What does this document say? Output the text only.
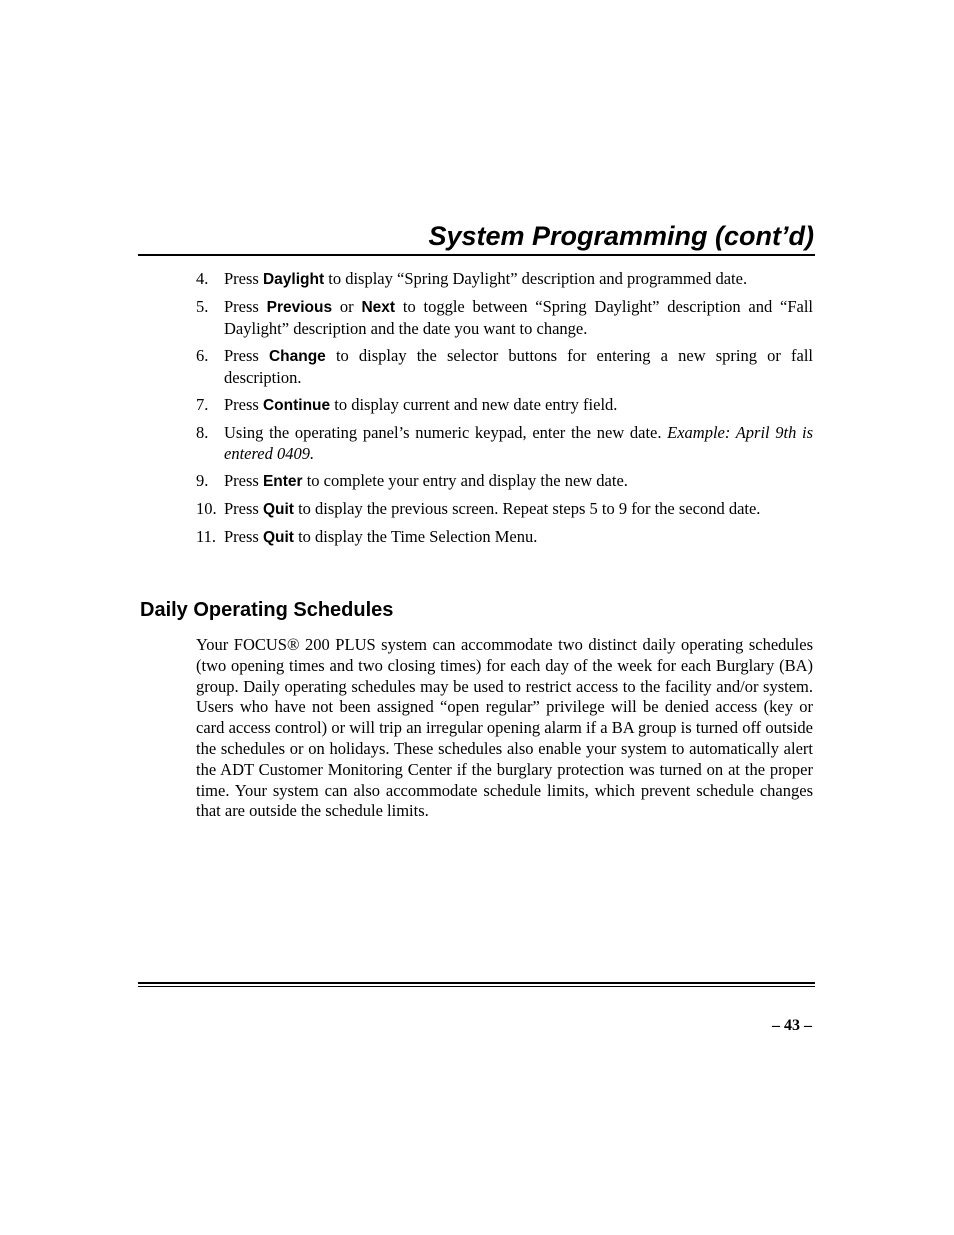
System Programming (cont’d)
4. Press Daylight to display “Spring Daylight” description and programmed date.
5. Press Previous or Next to toggle between “Spring Daylight” description and “Fall Daylight” description and the date you want to change.
6. Press Change to display the selector buttons for entering a new spring or fall description.
7. Press Continue to display current and new date entry field.
8. Using the operating panel’s numeric keypad, enter the new date. Example: April 9th is entered 0409.
9. Press Enter to complete your entry and display the new date.
10. Press Quit to display the previous screen. Repeat steps 5 to 9 for the second date.
11. Press Quit to display the Time Selection Menu.
Daily Operating Schedules

Your FOCUS® 200 PLUS system can accommodate two distinct daily operating schedules (two opening times and two closing times) for each day of the week for each Burglary (BA) group. Daily operating schedules may be used to restrict access to the facility and/or system. Users who have not been assigned “open regular” privilege will be denied access (key or card access control) or will trip an irregular opening alarm if a BA group is turned off outside the schedules or on holidays. These schedules also enable your system to automatically alert the ADT Customer Monitoring Center if the burglary protection was turned on at the proper time. Your system can also accommodate schedule limits, which prevent schedule changes that are outside the schedule limits.

– 43 –
